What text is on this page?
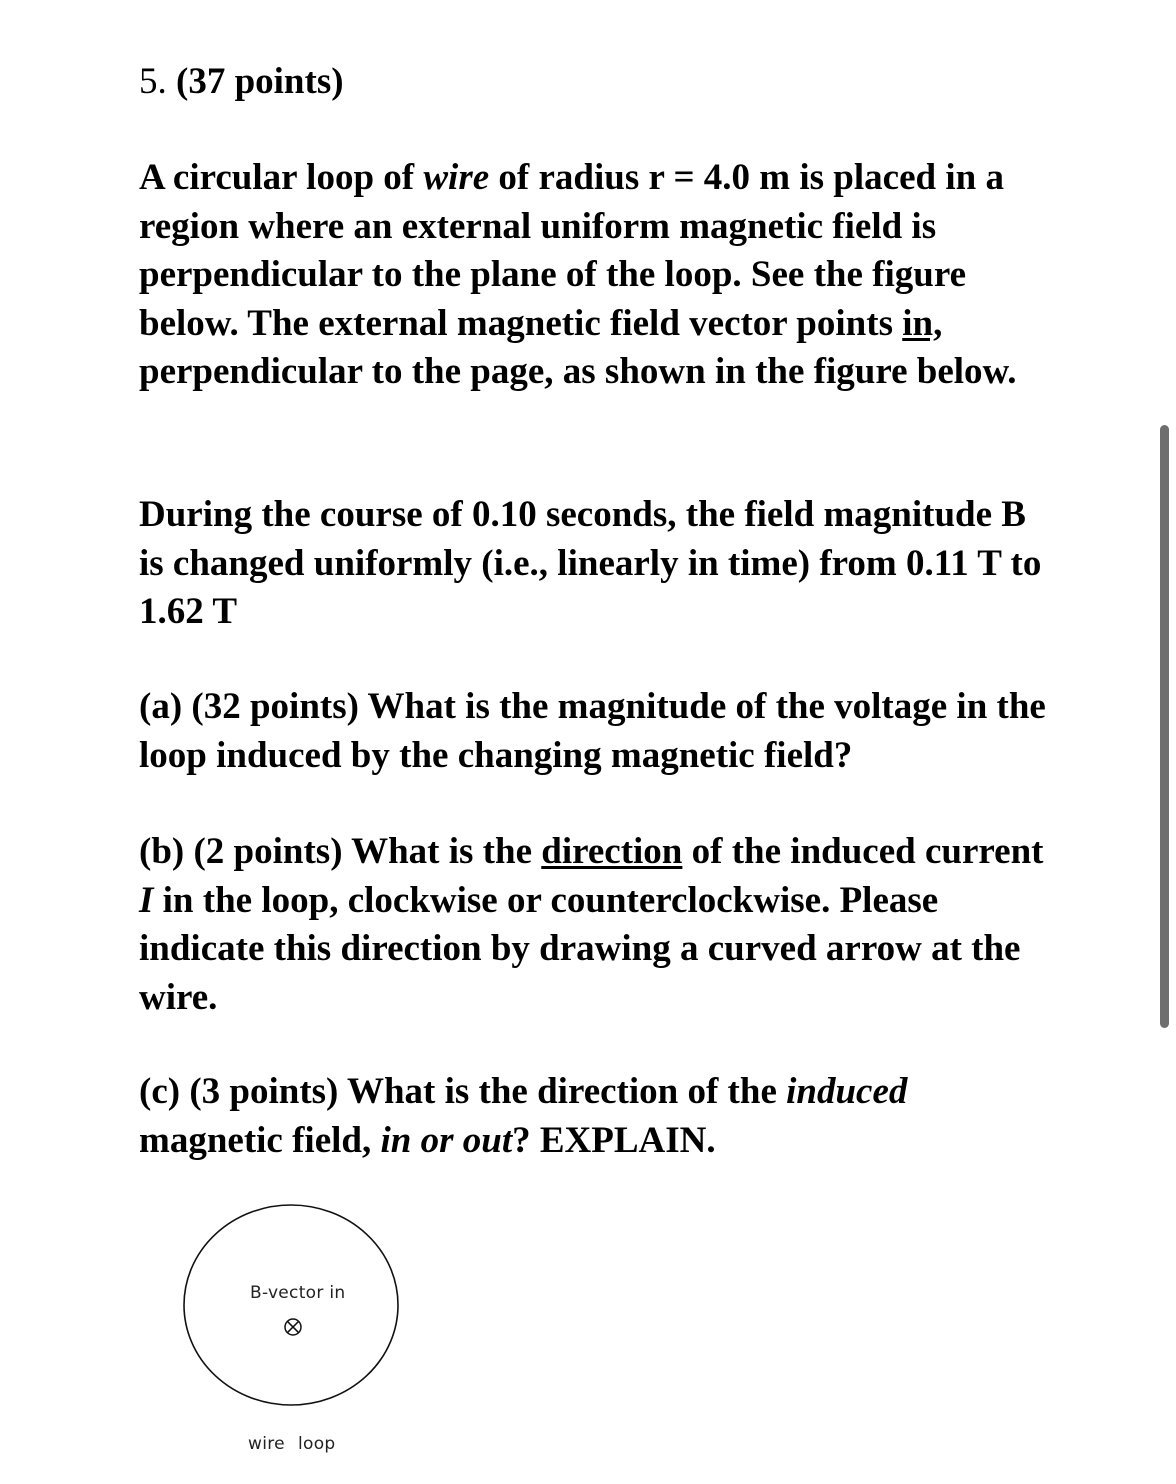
5. (37 points)
A circular loop of wire of radius r = 4.0 m is placed in a region where an external uniform magnetic field is perpendicular to the plane of the loop. See the figure below. The external magnetic field vector points in, perpendicular to the page, as shown in the figure below.
During the course of 0.10 seconds, the field magnitude B is changed uniformly (i.e., linearly in time) from 0.11 T to 1.62 T
(a) (32 points) What is the magnitude of the voltage in the loop induced by the changing magnetic field?
(b) (2 points) What is the direction of the induced current I in the loop, clockwise or counterclockwise. Please indicate this direction by drawing a curved arrow at the wire.
(c) (3 points) What is the direction of the induced magnetic field, in or out? EXPLAIN.
B-vector in
wire loop
